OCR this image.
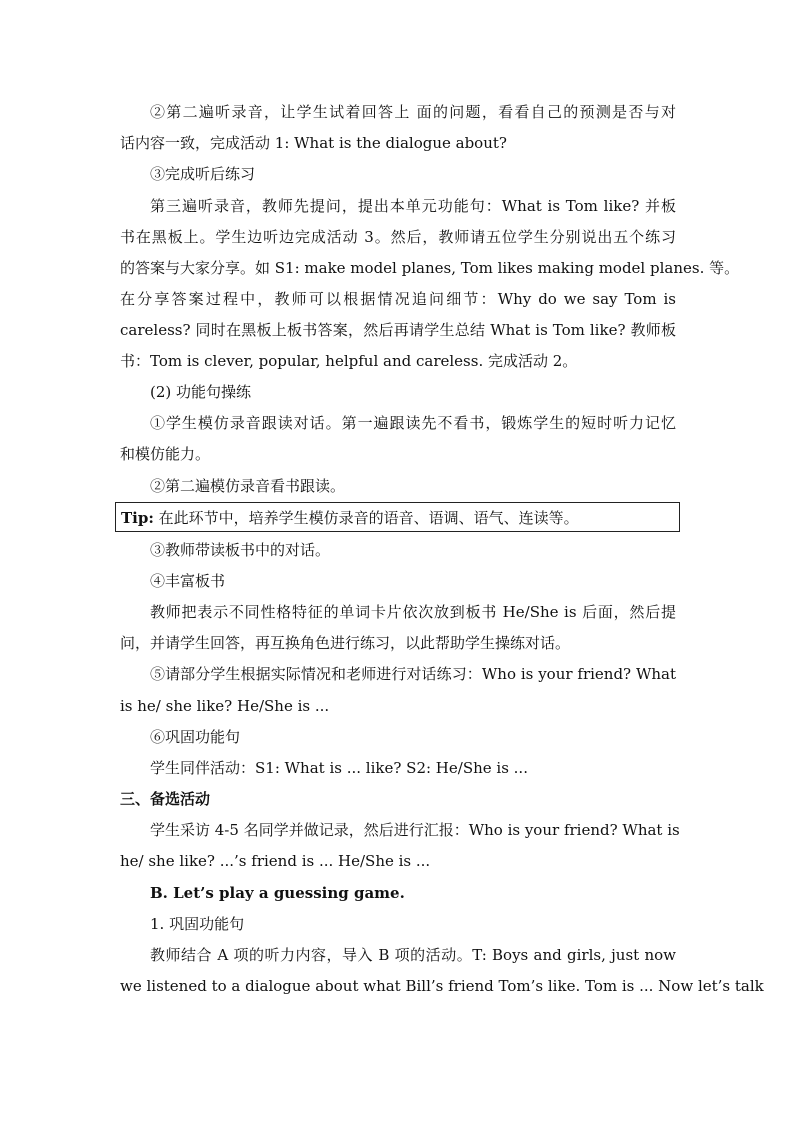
②第二遍听录音，让学生试着回答上 面的问题，看看自己的预测是否与对

话内容一致，完成活动 1: What is the dialogue about?

③完成听后练习

第三遍听录音，教师先提问，提出本单元功能句：What is Tom like? 并板

书在黑板上。学生边听边完成活动 3。然后，教师请五位学生分别说出五个练习

的答案与大家分享。如 S1: make model planes, Tom likes making model planes. 等。

在分享答案过程中，教师可以根据情况追问细节：Why do we say Tom is

careless? 同时在黑板上板书答案，然后再请学生总结 What is Tom like? 教师板

书：Tom is clever, popular, helpful and careless. 完成活动 2。

(2) 功能句操练

①学生模仿录音跟读对话。第一遍跟读先不看书，锻炼学生的短时听力记忆

和模仿能力。

②第二遍模仿录音看书跟读。

Tip: 在此环节中，培养学生模仿录音的语音、语调、语气、连读等。

③教师带读板书中的对话。

④丰富板书

教师把表示不同性格特征的单词卡片依次放到板书 He/She is 后面，然后提

问，并请学生回答，再互换角色进行练习，以此帮助学生操练对话。

⑤请部分学生根据实际情况和老师进行对话练习：Who is your friend? What

is he/ she like? He/She is ...

⑥巩固功能句

学生同伴活动：S1: What is ... like? S2: He/She is ...

三、备选活动

学生采访 4-5 名同学并做记录，然后进行汇报：Who is your friend? What is

he/ she like? ...’s friend is ... He/She is ...

B. Let’s play a guessing game.

1. 巩固功能句

教师结合 A 项的听力内容，导入 B 项的活动。T: Boys and girls, just now

we listened to a dialogue about what Bill’s friend Tom’s like. Tom is ... Now let’s talk
